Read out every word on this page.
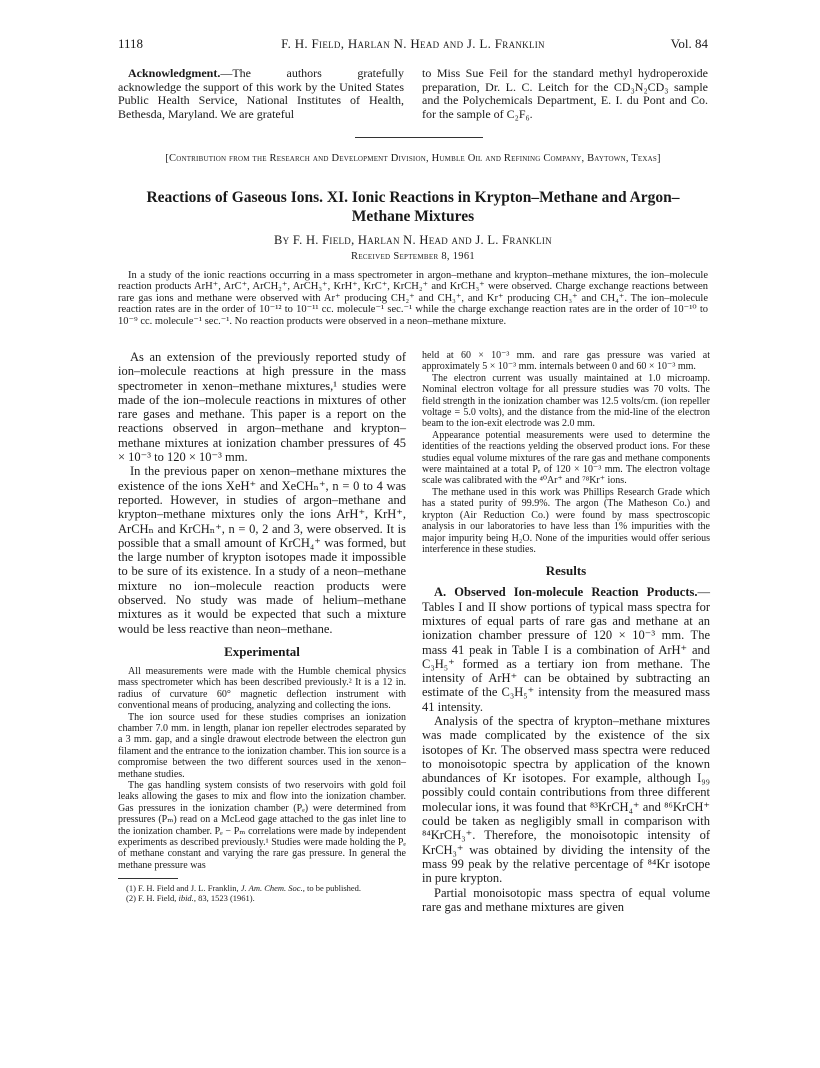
1118	F. H. Field, Harlan N. Head and J. L. Franklin	Vol. 84
Acknowledgment.—The authors gratefully acknowledge the support of this work by the United States Public Health Service, National Institutes of Health, Bethesda, Maryland. We are grateful
to Miss Sue Feil for the standard methyl hydroperoxide preparation, Dr. L. C. Leitch for the CD₃N₂CD₃ sample and the Polychemicals Department, E. I. du Pont and Co. for the sample of C₂F₆.
[Contribution from the Research and Development Division, Humble Oil and Refining Company, Baytown, Texas]
Reactions of Gaseous Ions. XI. Ionic Reactions in Krypton–Methane and Argon–Methane Mixtures
By F. H. Field, Harlan N. Head and J. L. Franklin
Received September 8, 1961
In a study of the ionic reactions occurring in a mass spectrometer in argon–methane and krypton–methane mixtures, the ion–molecule reaction products ArH⁺, ArC⁺, ArCH₂⁺, ArCH₃⁺, KrH⁺, KrC⁺, KrCH₂⁺ and KrCH₃⁺ were observed. Charge exchange reactions between rare gas ions and methane were observed with Ar⁺ producing CH₂⁺ and CH₃⁺, and Kr⁺ producing CH₃⁺ and CH₄⁺. The ion–molecule reaction rates are in the order of 10⁻¹² to 10⁻¹¹ cc. molecule⁻¹ sec.⁻¹ while the charge exchange reaction rates are in the order of 10⁻¹⁰ to 10⁻⁹ cc. molecule⁻¹ sec.⁻¹. No reaction products were observed in a neon–methane mixture.

As an extension of the previously reported study of ion–molecule reactions at high pressure in the mass spectrometer in xenon–methane mixtures,¹ studies were made of the ion–molecule reactions in mixtures of other rare gases and methane. This paper is a report on the reactions observed in argon–methane and krypton–methane mixtures at ionization chamber pressures of 45 × 10⁻³ to 120 × 10⁻³ mm.

In the previous paper on xenon–methane mixtures the existence of the ions XeH⁺ and XeCHₙ⁺, n = 0 to 4 was reported. However, in studies of argon–methane and krypton–methane mixtures only the ions ArH⁺, KrH⁺, ArCHₙ and KrCHₙ⁺, n = 0, 2 and 3, were observed. It is possible that a small amount of KrCH₄⁺ was formed, but the large number of krypton isotopes made it impossible to be sure of its existence. In a study of a neon–methane mixture no ion–molecule reaction products were observed. No study was made of helium–methane mixtures as it would be expected that such a mixture would be less reactive than neon–methane.

Experimental

All measurements were made with the Humble chemical physics mass spectrometer which has been described previously.² It is a 12 in. radius of curvature 60° magnetic deflection instrument with conventional means of producing, analyzing and collecting the ions.

The ion source used for these studies comprises an ionization chamber 7.0 mm. in length, planar ion repeller electrodes separated by a 3 mm. gap, and a single drawout electrode between the electron gun filament and the entrance to the ionization chamber. This ion source is a compromise between the two different sources used in the xenon–methane studies.

The gas handling system consists of two reservoirs with gold foil leaks allowing the gases to mix and flow into the ionization chamber. Gas pressures in the ionization chamber (Pₑ) were determined from pressures (Pₘ) read on a McLeod gage attached to the gas inlet line to the ionization chamber. Pₑ − Pₘ correlations were made by independent experiments as described previously.¹ Studies were made holding the Pₑ of methane constant and varying the rare gas pressure. In general the methane pressure was

(1) F. H. Field and J. L. Franklin, J. Am. Chem. Soc., to be published.

(2) F. H. Field, ibid., 83, 1523 (1961).

held at 60 × 10⁻³ mm. and rare gas pressure was varied at approximately 5 × 10⁻³ mm. internals between 0 and 60 × 10⁻³ mm.

The electron current was usually maintained at 1.0 microamp. Nominal electron voltage for all pressure studies was 70 volts. The field strength in the ionization chamber was 12.5 volts/cm. (ion repeller voltage = 5.0 volts), and the distance from the mid-line of the electron beam to the ion-exit electrode was 2.0 mm.

Appearance potential measurements were used to determine the identities of the reactions yelding the observed product ions. For these studies equal volume mixtures of the rare gas and methane components were maintained at a total Pₑ of 120 × 10⁻³ mm. The electron voltage scale was calibrated with the ⁴⁰Ar⁺ and ⁷⁸Kr⁺ ions.

The methane used in this work was Phillips Research Grade which has a stated purity of 99.9%. The argon (The Matheson Co.) and krypton (Air Reduction Co.) were found by mass spectroscopic analysis in our laboratories to have less than 1% impurities with the major impurity being H₂O. None of the impurities would offer serious interference in these studies.

Results

A. Observed Ion-molecule Reaction Products.—Tables I and II show portions of typical mass spectra for mixtures of equal parts of rare gas and methane at an ionization chamber pressure of 120 × 10⁻³ mm. The mass 41 peak in Table I is a combination of ArH⁺ and C₃H₅⁺ formed as a tertiary ion from methane. The intensity of ArH⁺ can be obtained by subtracting an estimate of the C₃H₅⁺ intensity from the measured mass 41 intensity.

Analysis of the spectra of krypton–methane mixtures was made complicated by the existence of the six isotopes of Kr. The observed mass spectra were reduced to monoisotopic spectra by application of the known abundances of Kr isotopes. For example, although I₉₉ possibly could contain contributions from three different molecular ions, it was found that ⁸³KrCH₄⁺ and ⁸⁶KrCH⁺ could be taken as negligibly small in comparison with ⁸⁴KrCH₃⁺. Therefore, the monoisotopic intensity of KrCH₃⁺ was obtained by dividing the intensity of the mass 99 peak by the relative percentage of ⁸⁴Kr isotope in pure krypton.

Partial monoisotopic mass spectra of equal volume rare gas and methane mixtures are given
